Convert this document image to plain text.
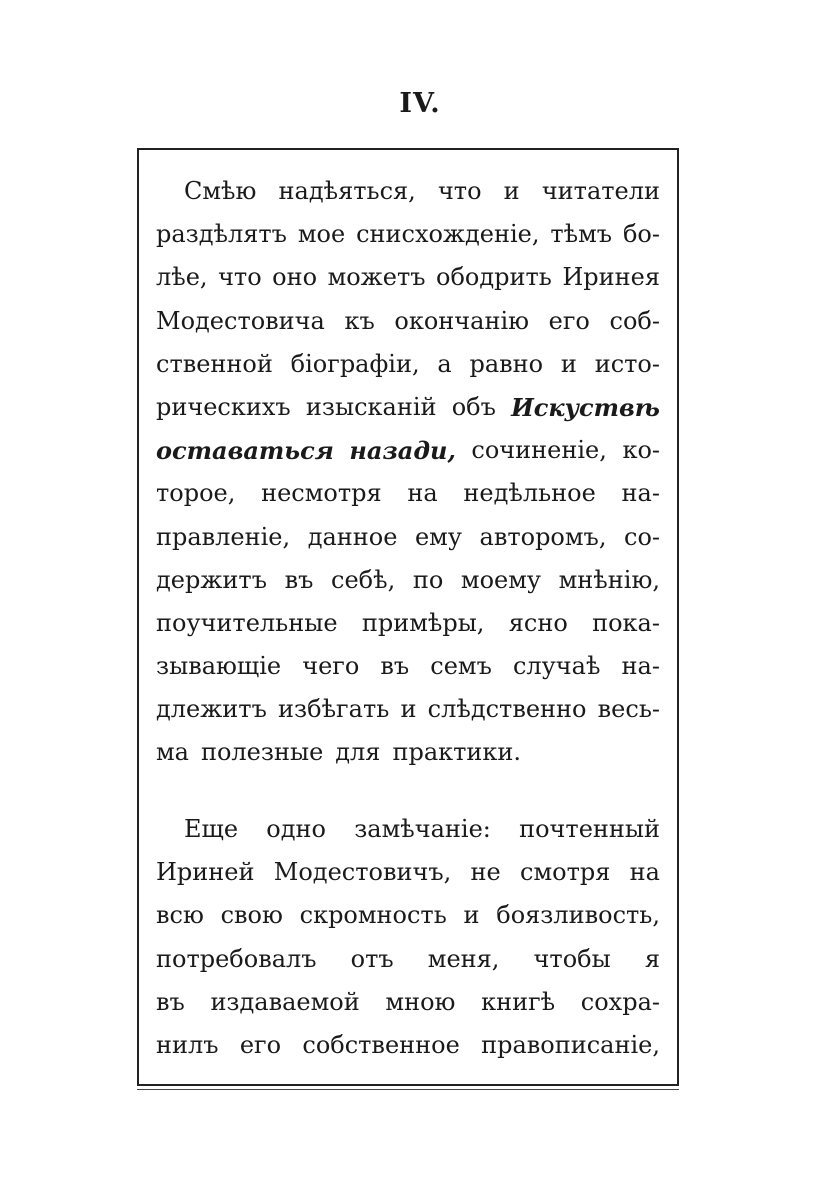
IV.
Смѣю надѣяться, что и читатели
раздѣлятъ мое снисхожденіе, тѣмъ бо-
лѣе, что оно можетъ ободрить Иринея
Модестовича къ окончанію его соб-
ственной біографіи, а равно и исто-
рическихъ изысканій объ Искуствѣ
оставаться назади, сочиненіе, ко-
торое, несмотря на недѣльное на-
правленіе, данное ему авторомъ, со-
держитъ въ себѣ, по моему мнѣнію,
поучительные примѣры, ясно пока-
зывающіе чего въ семъ случаѣ на-
длежитъ избѣгать и слѣдственно весь-
ма полезные для практики.
Еще одно замѣчаніе: почтенный
Ириней Модестовичъ, не смотря на
всю свою скромность и боязливость,
потребовалъ отъ меня, чтобы я
въ издаваемой мною книгѣ сохра-
нилъ его собственное правописаніе,
